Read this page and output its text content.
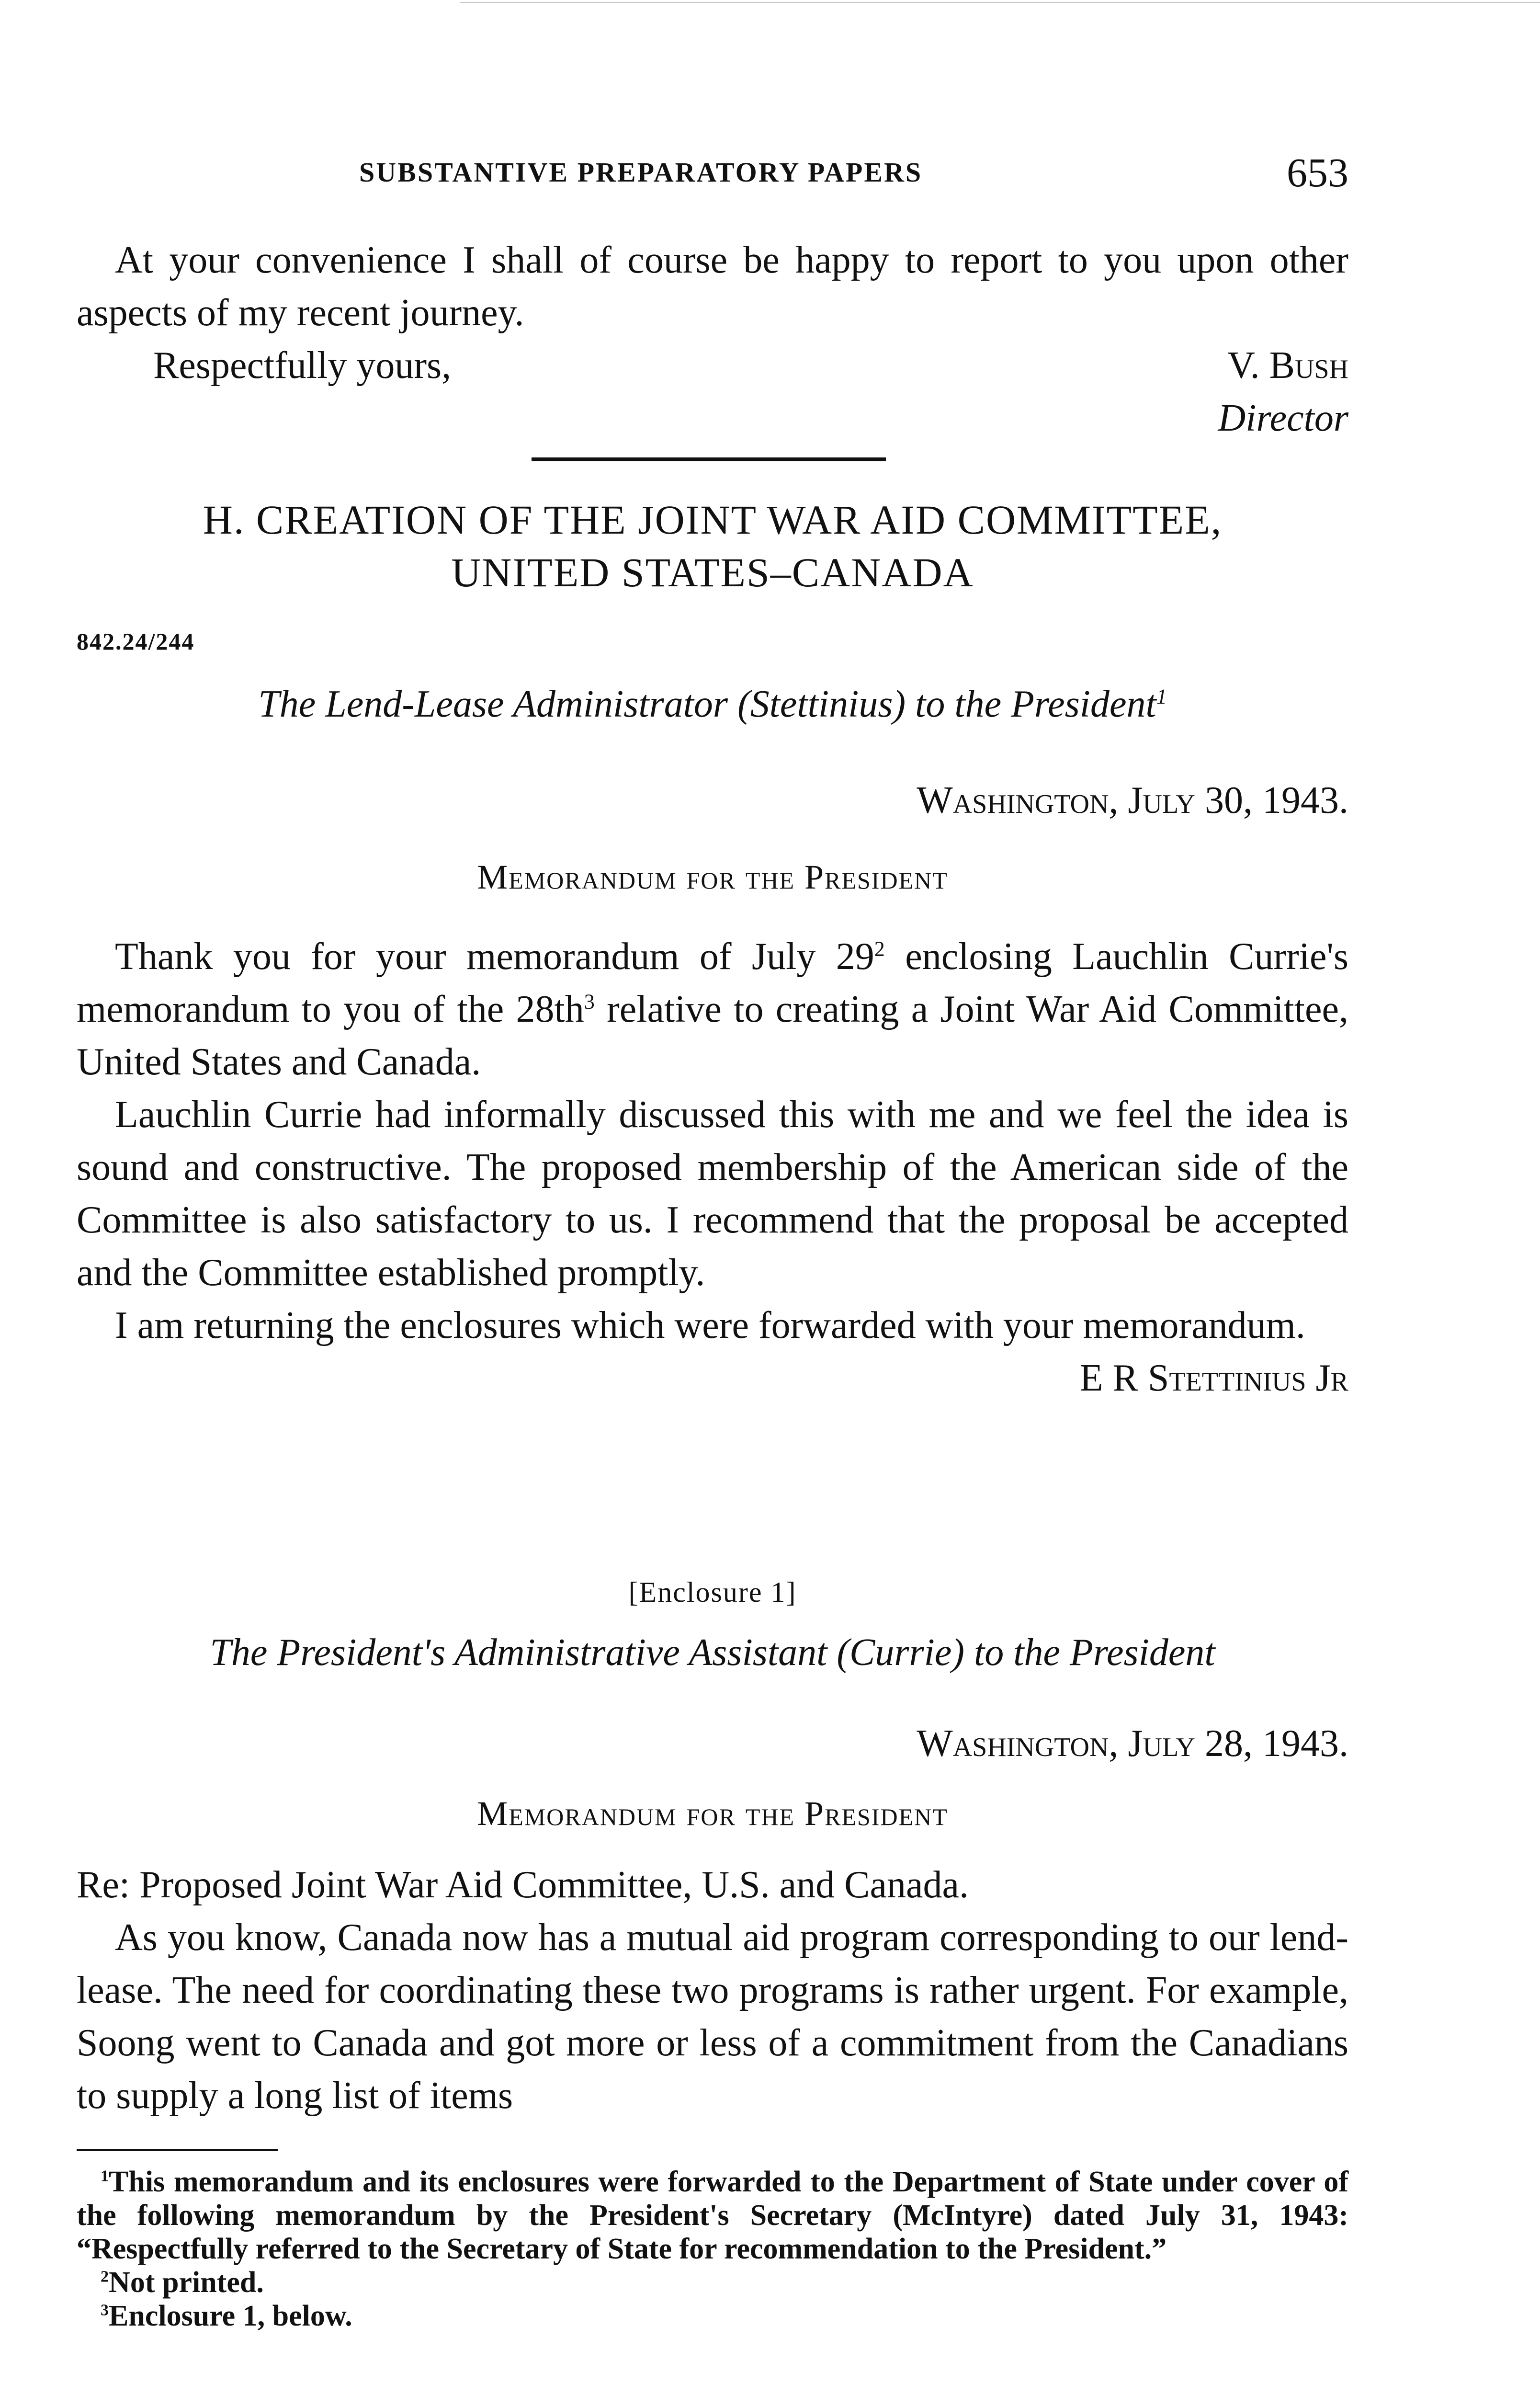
SUBSTANTIVE PREPARATORY PAPERS	653

At your convenience I shall of course be happy to report to you upon other aspects of my recent journey.

Respectfully yours,	V. Bush
Director

H. CREATION OF THE JOINT WAR AID COMMITTEE,

UNITED STATES–CANADA

842.24/244

The Lend-Lease Administrator (Stettinius) to the President$^1$

Washington, July 30, 1943.
Memorandum for the President

Thank you for your memorandum of July $29^2$ enclosing Lauchlin Currie's memorandum to you of the $28th^3$ relative to creating a Joint War Aid Committee, United States and Canada.

Lauchlin Currie had informally discussed this with me and we feel the idea is sound and constructive. The proposed membership of the American side of the Committee is also satisfactory to us. I recommend that the proposal be accepted and the Committee established promptly.

I am returning the enclosures which were forwarded with your memorandum.

E R Stettinius Jr
[Enclosure 1]

The President's Administrative Assistant (Currie) to the President

Washington, July 28, 1943.
Memorandum for the President

Re: Proposed Joint War Aid Committee, U.S. and Canada.

As you know, Canada now has a mutual aid program corresponding to our lend-lease. The need for coordinating these two programs is rather urgent. For example, Soong went to Canada and got more or less of a commitment from the Canadians to supply a long list of items

$^1$This memorandum and its enclosures were forwarded to the Department of State under cover of the following memorandum by the President's Secretary (McIntyre) dated July 31, 1943: “Respectfully referred to the Secretary of State for recommendation to the President.”

$^2$Not printed.

$^3$Enclosure 1, below.
